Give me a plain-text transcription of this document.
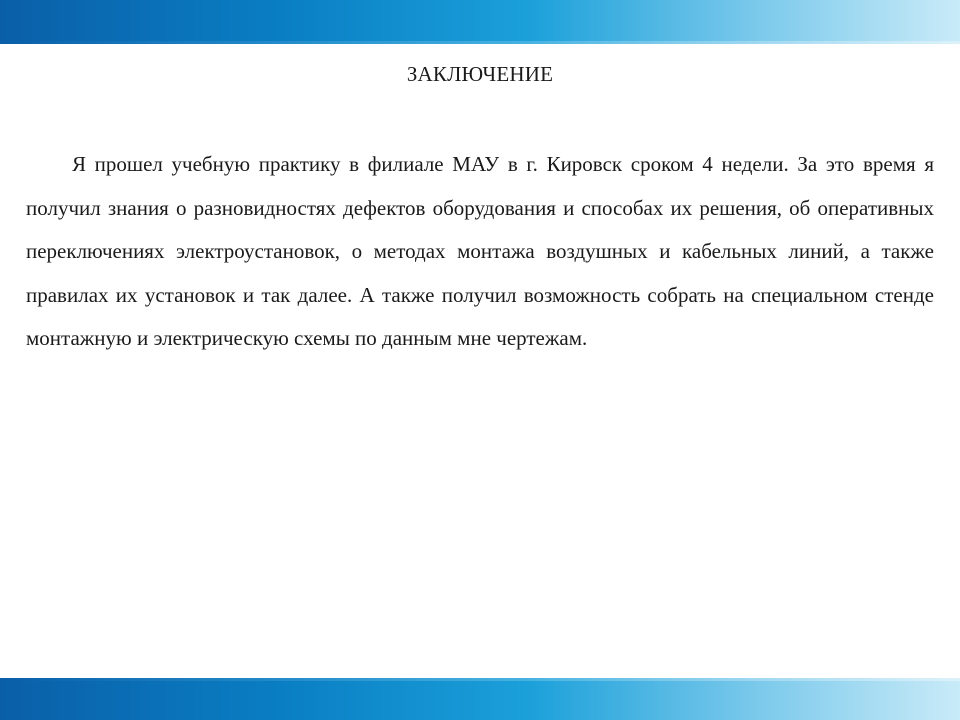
ЗАКЛЮЧЕНИЕ

Я прошел учебную практику в филиале МАУ в г. Кировск сроком 4 недели. За это время я получил знания о разновидностях дефектов оборудования и способах их решения, об оперативных переключениях электроустановок, о методах монтажа воздушных и кабельных линий, а также правилах их установок и так далее. А также получил возможность собрать на специальном стенде монтажную и электрическую схемы по данным мне чертежам.
